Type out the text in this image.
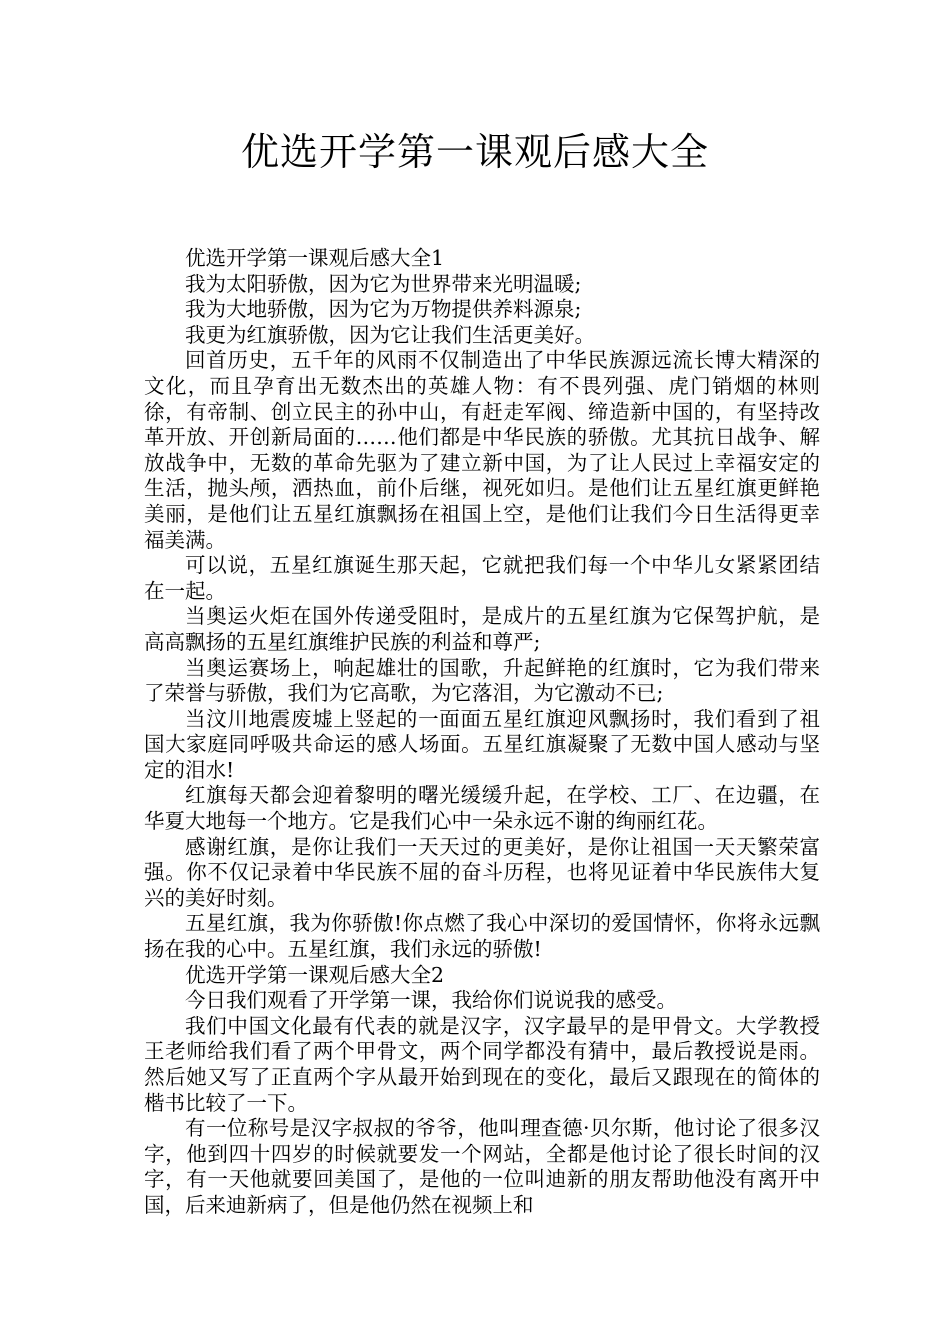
优选开学第一课观后感大全

优选开学第一课观后感大全1

我为太阳骄傲，因为它为世界带来光明温暖;

我为大地骄傲，因为它为万物提供养料源泉;

我更为红旗骄傲，因为它让我们生活更美好。

回首历史，五千年的风雨不仅制造出了中华民族源远流长博大精深的文化，而且孕育出无数杰出的英雄人物：有不畏列强、虎门销烟的林则徐，有帝制、创立民主的孙中山，有赶走军阀、缔造新中国的，有坚持改革开放、开创新局面的……他们都是中华民族的骄傲。尤其抗日战争、解放战争中，无数的革命先驱为了建立新中国，为了让人民过上幸福安定的生活，抛头颅，洒热血，前仆后继，视死如归。是他们让五星红旗更鲜艳美丽，是他们让五星红旗飘扬在祖国上空，是他们让我们今日生活得更幸福美满。

可以说，五星红旗诞生那天起，它就把我们每一个中华儿女紧紧团结在一起。

当奥运火炬在国外传递受阻时，是成片的五星红旗为它保驾护航，是高高飘扬的五星红旗维护民族的利益和尊严;

当奥运赛场上，响起雄壮的国歌，升起鲜艳的红旗时，它为我们带来了荣誉与骄傲，我们为它高歌，为它落泪，为它激动不已;

当汶川地震废墟上竖起的一面面五星红旗迎风飘扬时，我们看到了祖国大家庭同呼吸共命运的感人场面。五星红旗凝聚了无数中国人感动与坚定的泪水!

红旗每天都会迎着黎明的曙光缓缓升起，在学校、工厂、在边疆，在华夏大地每一个地方。它是我们心中一朵永远不谢的绚丽红花。

感谢红旗，是你让我们一天天过的更美好，是你让祖国一天天繁荣富强。你不仅记录着中华民族不屈的奋斗历程，也将见证着中华民族伟大复兴的美好时刻。

五星红旗，我为你骄傲!你点燃了我心中深切的爱国情怀，你将永远飘扬在我的心中。五星红旗，我们永远的骄傲!

优选开学第一课观后感大全2

今日我们观看了开学第一课，我给你们说说我的感受。

我们中国文化最有代表的就是汉字，汉字最早的是甲骨文。大学教授王老师给我们看了两个甲骨文，两个同学都没有猜中，最后教授说是雨。然后她又写了正直两个字从最开始到现在的变化，最后又跟现在的简体的楷书比较了一下。

有一位称号是汉字叔叔的爷爷，他叫理查德·贝尔斯，他讨论了很多汉字，他到四十四岁的时候就要发一个网站，全都是他讨论了很长时间的汉字，有一天他就要回美国了，是他的一位叫迪新的朋友帮助他没有离开中国，后来迪新病了，但是他仍然在视频上和
